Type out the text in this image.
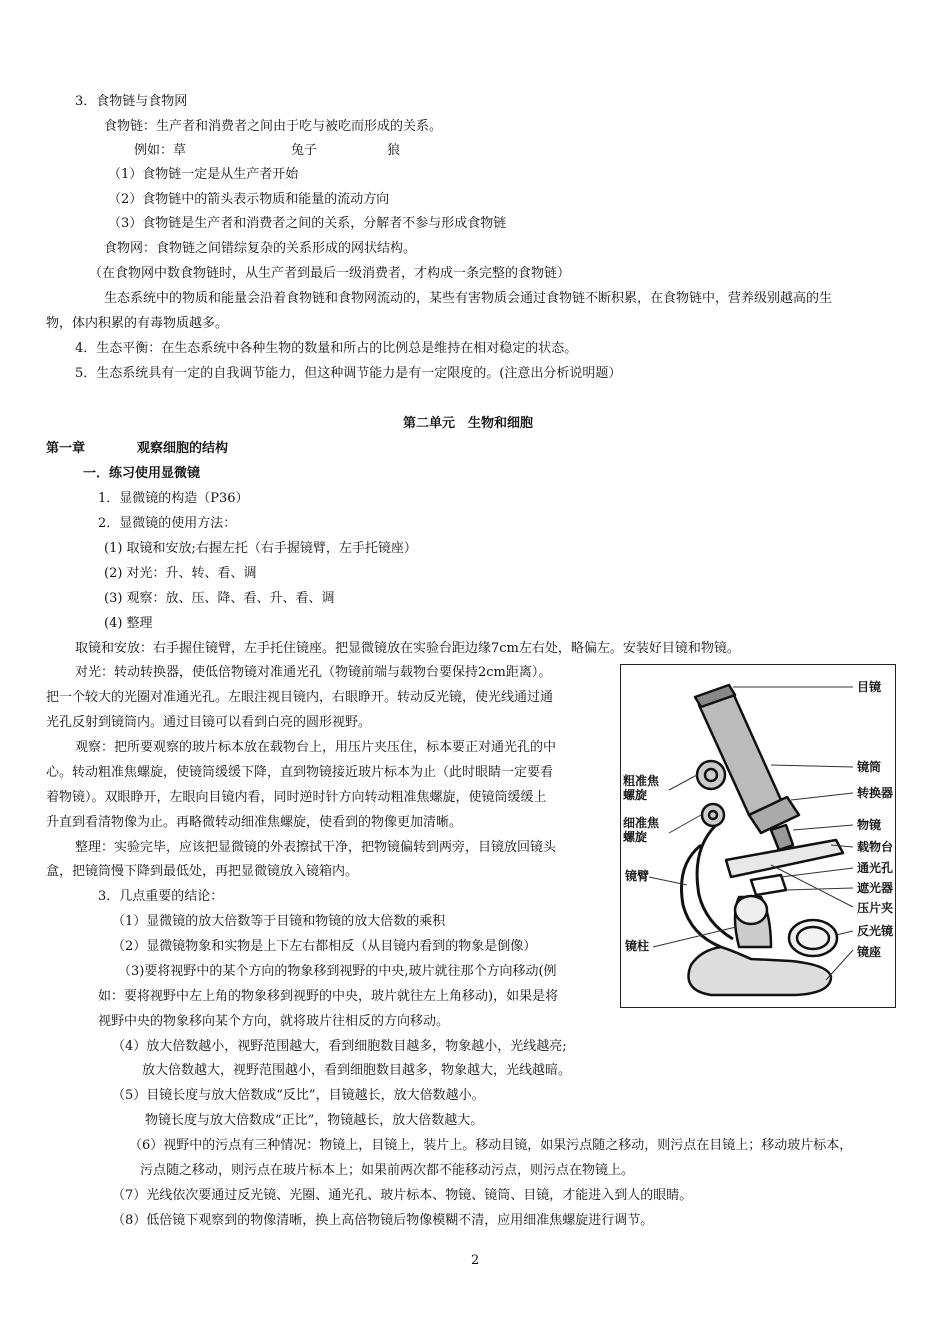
3．食物链与食物网
食物链：生产者和消费者之间由于吃与被吃而形成的关系。
例如：草	兔子	狼
（1）食物链一定是从生产者开始
（2）食物链中的箭头表示物质和能量的流动方向
（3）食物链是生产者和消费者之间的关系，分解者不参与形成食物链
食物网：食物链之间错综复杂的关系形成的网状结构。
（在食物网中数食物链时，从生产者到最后一级消费者，才构成一条完整的食物链）
生态系统中的物质和能量会沿着食物链和食物网流动的，某些有害物质会通过食物链不断积累，在食物链中，营养级别越高的生
物，体内积累的有毒物质越多。
4．生态平衡：在生态系统中各种生物的数量和所占的比例总是维持在相对稳定的状态。
5．生态系统具有一定的自我调节能力，但这种调节能力是有一定限度的。(注意出分析说明题）
第二单元　生物和细胞
第一章	观察细胞的结构
一．练习使用显微镜
1．显微镜的构造（P36）
2．显微镜的使用方法：
(1) 取镜和安放;右握左托（右手握镜臂，左手托镜座）
(2) 对光：升、转、看、调
(3) 观察：放、压、降、看、升、看、调
(4) 整理
取镜和安放：右手握住镜臂，左手托住镜座。把显微镜放在实验台距边缘7cm左右处，略偏左。安装好目镜和物镜。
对光：转动转换器，使低倍物镜对准通光孔（物镜前端与载物台要保持2cm距离）。
把一个较大的光圈对准通光孔。左眼注视目镜内，右眼睁开。转动反光镜，使光线通过通
光孔反射到镜筒内。通过目镜可以看到白亮的圆形视野。
观察：把所要观察的玻片标本放在载物台上，用压片夹压住，标本要正对通光孔的中
心。转动粗准焦螺旋，使镜筒缓缓下降，直到物镜接近玻片标本为止（此时眼睛一定要看
着物镜）。双眼睁开，左眼向目镜内看，同时逆时针方向转动粗准焦螺旋，使镜筒缓缓上
升直到看清物像为止。再略微转动细准焦螺旋，使看到的物像更加清晰。
整理：实验完毕，应该把显微镜的外表擦拭干净，把物镜偏转到两旁，目镜放回镜头
盒，把镜筒慢下降到最低处，再把显微镜放入镜箱内。
3．几点重要的结论：
（1）显微镜的放大倍数等于目镜和物镜的放大倍数的乘积
（2）显微镜物象和实物是上下左右都相反（从目镜内看到的物象是倒像）
（3)要将视野中的某个方向的物象移到视野的中央,玻片就往那个方向移动(例
如：要将视野中左上角的物象移到视野的中央，玻片就往左上角移动)，如果是将
视野中央的物象移向某个方向，就将玻片往相反的方向移动。
（4）放大倍数越小，视野范围越大，看到细胞数目越多，物象越小，光线越亮;
放大倍数越大，视野范围越小，看到细胞数目越多，物象越大，光线越暗。
（5）目镜长度与放大倍数成“反比”，目镜越长，放大倍数越小。
物镜长度与放大倍数成“正比”，物镜越长，放大倍数越大。
（6）视野中的污点有三种情况：物镜上，目镜上，装片上。移动目镜，如果污点随之移动，则污点在目镜上；移动玻片标本，
污点随之移动，则污点在玻片标本上；如果前两次都不能移动污点，则污点在物镜上。
（7）光线依次要通过反光镜、光圈、通光孔、玻片标本、物镜、镜筒、目镜，才能进入到人的眼睛。
（8）低倍镜下观察到的物像清晰，换上高倍物镜后物像模糊不清，应用细准焦螺旋进行调节。
目镜
镜筒
转换器
物镜
载物台
通光孔
遮光器
压片夹
反光镜
镜座
粗准焦
螺旋
细准焦
螺旋
镜臂
镜柱
2
